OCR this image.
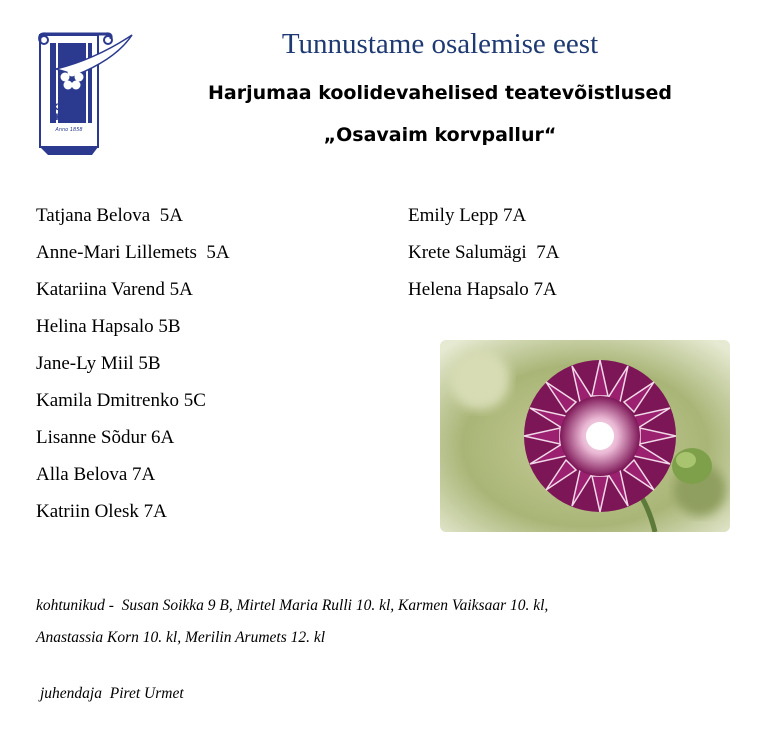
KEHRA
KOOL
Anno 1858
Tunnustame osalemise eest
Harjumaa koolidevahelised teatevõistlused
„Osavaim korvpallur“
Tatjana Belova  5A
Anne-Mari Lillemets  5A
Katariina Varend 5A
Helina Hapsalo 5B
Jane-Ly Miil 5B
Kamila Dmitrenko 5C
Lisanne Sõdur 6A
Alla Belova 7A
Katriin Olesk 7A
Emily Lepp 7A
Krete Salumägi  7A
Helena Hapsalo 7A
kohtunikud -  Susan Soikka 9 B, Mirtel Maria Rulli 10. kl, Karmen Vaiksaar 10. kl,
Anastassia Korn 10. kl, Merilin Arumets 12. kl
juhendaja  Piret Urmet
